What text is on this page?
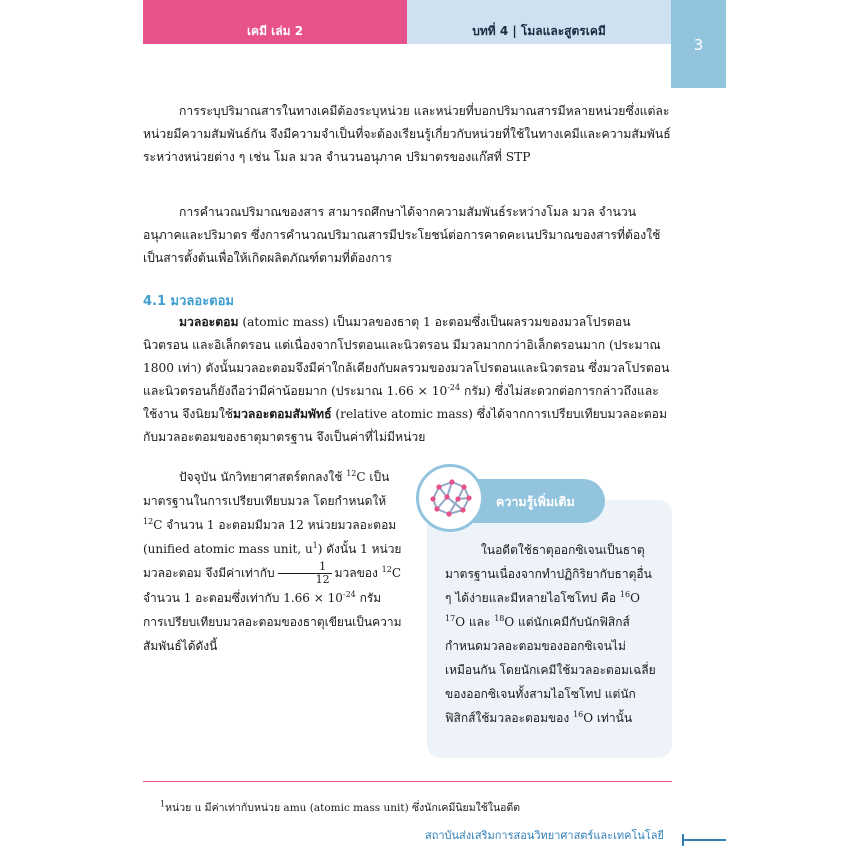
เคมี เล่ม 2	บทที่ 4 | โมลและสูตรเคมี
3

การระบุปริมาณสารในทางเคมีต้องระบุหน่วย และหน่วยที่บอกปริมาณสารมีหลายหน่วยซึ่งแต่ละหน่วยมีความสัมพันธ์กัน จึงมีความจำเป็นที่จะต้องเรียนรู้เกี่ยวกับหน่วยที่ใช้ในทางเคมีและความสัมพันธ์ระหว่างหน่วยต่าง ๆ เช่น โมล มวล จำนวนอนุภาค ปริมาตรของแก๊สที่ STP

การคำนวณปริมาณของสาร สามารถศึกษาได้จากความสัมพันธ์ระหว่างโมล มวล จำนวนอนุภาคและปริมาตร ซึ่งการคำนวณปริมาณสารมีประโยชน์ต่อการคาดคะเนปริมาณของสารที่ต้องใช้เป็นสารตั้งต้นเพื่อให้เกิดผลิตภัณฑ์ตามที่ต้องการ

4.1 มวลอะตอม

มวลอะตอม (atomic mass) เป็นมวลของธาตุ 1 อะตอมซึ่งเป็นผลรวมของมวลโปรตอน นิวตรอน และอิเล็กตรอน แต่เนื่องจากโปรตอนและนิวตรอน มีมวลมากกว่าอิเล็กตรอนมาก (ประมาณ 1800 เท่า) ดังนั้นมวลอะตอมจึงมีค่าใกล้เคียงกับผลรวมของมวลโปรตอนและนิวตรอน ซึ่งมวลโปรตอนและนิวตรอนก็ยังถือว่ามีค่าน้อยมาก (ประมาณ $1.66 \times 10^{-24}$ กรัม) ซึ่งไม่สะดวกต่อการกล่าวถึงและใช้งาน จึงนิยมใช้มวลอะตอมสัมพัทธ์ (relative atomic mass) ซึ่งได้จากการเปรียบเทียบมวลอะตอมกับมวลอะตอมของธาตุมาตรฐาน จึงเป็นค่าที่ไม่มีหน่วย

ปัจจุบัน นักวิทยาศาสตร์ตกลงใช้ $^{12}$C เป็นมาตรฐานในการเปรียบเทียบมวล โดยกำหนดให้ $^{12}$C จำนวน 1 อะตอมมีมวล 12 หน่วยมวลอะตอม (unified atomic mass unit, $u^1$) ดังนั้น 1 หน่วยมวลอะตอม จึงมีค่าเท่ากับ $\frac{1}{12}$ มวลของ $^{12}$C จำนวน 1 อะตอมซึ่งเท่ากับ $1.66 \times 10^{-24}$ กรัม การเปรียบเทียบมวลอะตอมของธาตุเขียนเป็นความสัมพันธ์ได้ดังนี้

ความรู้เพิ่มเติม

ในอดีตใช้ธาตุออกซิเจนเป็นธาตุมาตรฐานเนื่องจากทำปฏิกิริยากับธาตุอื่น ๆ ได้ง่ายและมีหลายไอโซโทป คือ $^{16}$O $^{17}$O และ $^{18}$O แต่นักเคมีกับนักฟิสิกส์กำหนดมวลอะตอมของออกซิเจนไม่เหมือนกัน โดยนักเคมีใช้มวลอะตอมเฉลี่ยของออกซิเจนทั้งสามไอโซโทป แต่นักฟิสิกส์ใช้มวลอะตอมของ $^{16}$O เท่านั้น

$^1$หน่วย u มีค่าเท่ากับหน่วย amu (atomic mass unit) ซึ่งนักเคมีนิยมใช้ในอดีต
สถาบันส่งเสริมการสอนวิทยาศาสตร์และเทคโนโลยี
